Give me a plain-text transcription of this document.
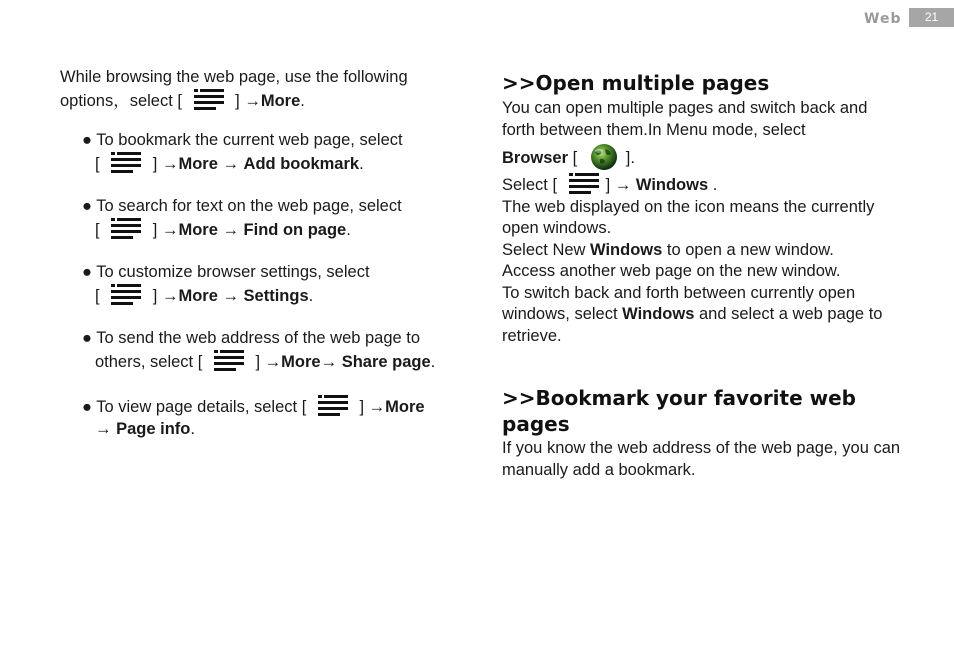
Web	21

While browsing the web page, use the following options，select [	] →More.

● To bookmark the current web page, select
[	] →More → Add bookmark.
● To search for text on the web page, select
[	] →More → Find on page.
● To customize browser settings, select
[	] →More → Settings.
● To send the web address of the web page to
others, select [	] →More→ Share page.
● To view page details, select [	] →More
→ Page info.
>>Open multiple pages
You can open multiple pages and switch back and forth between them.In Menu mode, select
Browser [	].
Select [	] → Windows .
The web displayed on the icon means the currently open windows.
Select New Windows to open a new window.
Access another web page on the new window.
To switch back and forth between currently open windows, select Windows and select a web page to retrieve.
>>Bookmark your favorite web pages
If you know the web address of the web page, you can manually add a bookmark.
